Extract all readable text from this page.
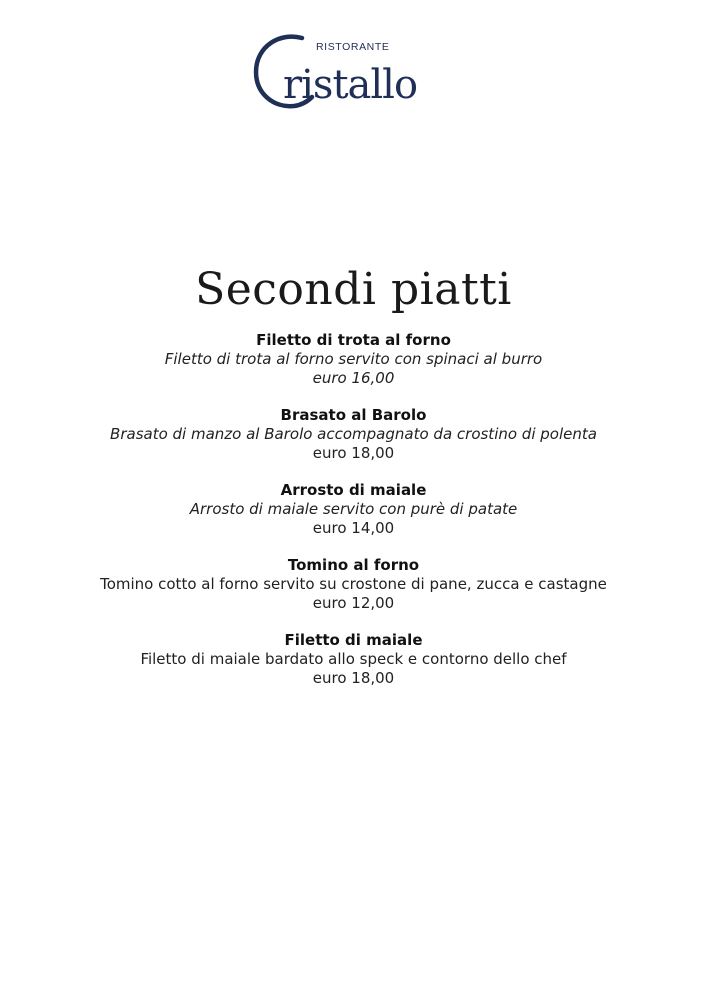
RISTORANTE
ristallo
Secondi piatti
Filetto di trota al forno
Filetto di trota al forno servito con spinaci al burro
euro 16,00
Brasato al Barolo
Brasato di manzo al Barolo accompagnato da crostino di polenta
euro 18,00
Arrosto di maiale
Arrosto di maiale servito con purè di patate
euro 14,00
Tomino al forno
Tomino cotto al forno servito su crostone di pane, zucca e castagne
euro 12,00
Filetto di maiale
Filetto di maiale bardato allo speck e contorno dello chef
euro 18,00
